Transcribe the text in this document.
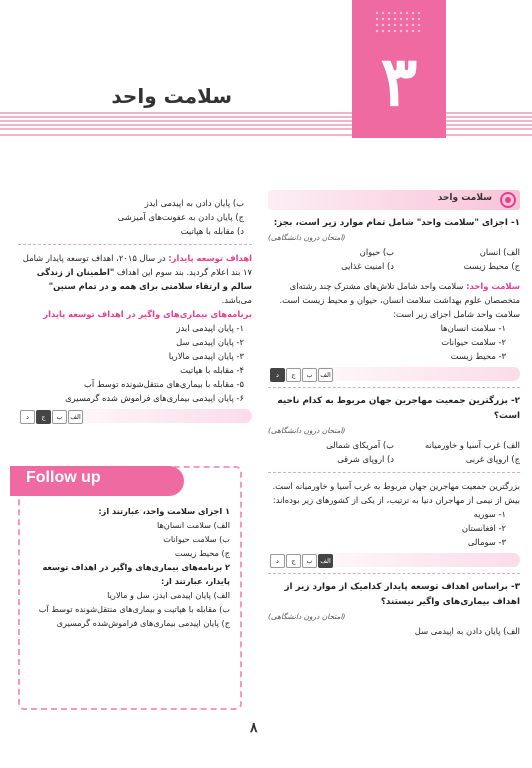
۳
سلامت واحد
سلامت واحد
۱- اجزای "سلامت واحد" شامل تمام موارد زیر است، بجز:
(امتحان درون دانشگاهی)
الف) انسان
ب) حیوان
ج) محیط زیست
د) امنیت غذایی
سلامت واحد: سلامت واحد شامل تلاش‌های مشترک چند رشته‌ای متخصصان علوم بهداشت سلامت انسان، حیوان و محیط زیست است. سلامت واحد شامل اجزای زیر است:
۱- سلامت انسان‌ها
۲- سلامت حیوانات
۳- محیط زیست
د	ج	ب	الف
۲- بزرگترین جمعیت مهاجرین جهان مربوط به کدام ناحیه است؟
(امتحان درون دانشگاهی)
الف) غرب آسیا و خاورمیانه
ب) آمریکای شمالی
ج) اروپای غربی
د) اروپای شرقی
بزرگترین جمعیت مهاجرین جهان مربوط به غرب آسیا و خاورمیانه است. بیش از نیمی از مهاجران دنیا به ترتیب، از یکی از کشورهای زیر بوده‌اند:
۱- سوریه
۲- افغانستان
۳- سومالی
د	ج	ب	الف
۳- براساس اهداف توسعه پایدار کدامیک از موارد زیر از اهداف بیماری‌های واگیر نیستند؟
(امتحان درون دانشگاهی)
الف) پایان دادن به اپیدمی سل
ب) پایان دادن به اپیدمی ایدز
ج) پایان دادن به عفونت‌های آمیزشی
د) مقابله با هپاتیت
اهداف توسعه پایدار: در سال ۲۰۱۵، اهداف توسعه پایدار شامل ۱۷ بند اعلام گردید. بند سوم این اهداف "اطمینان از زندگی سالم و ارتقاء سلامتی برای همه و در تمام سنین" می‌باشد.
برنامه‌های بیماری‌های واگیر در اهداف توسعه پایدار
۱- پایان اپیدمی ایدز
۲- پایان اپیدمی سل
۳- پایان اپیدمی مالاریا
۴- مقابله با هپاتیت
۵- مقابله با بیماری‌های منتقل‌شونده توسط آب
۶- پایان اپیدمی بیماری‌های فراموش شده گرمسیری
د	ج	ب	الف
Follow up
۱ اجزای سلامت واحد، عبارتند از:
الف) سلامت انسان‌ها
ب) سلامت حیوانات
ج) محیط زیست
۲ برنامه‌های بیماری‌های واگیر در اهداف توسعه پایدار، عبارتند از:
الف) پایان اپیدمی ایدز، سل و مالاریا
ب) مقابله با هپاتیت و بیماری‌های منتقل‌شونده توسط آب
ج) پایان اپیدمی بیماری‌های فراموش‌شده گرمسیری
۸
